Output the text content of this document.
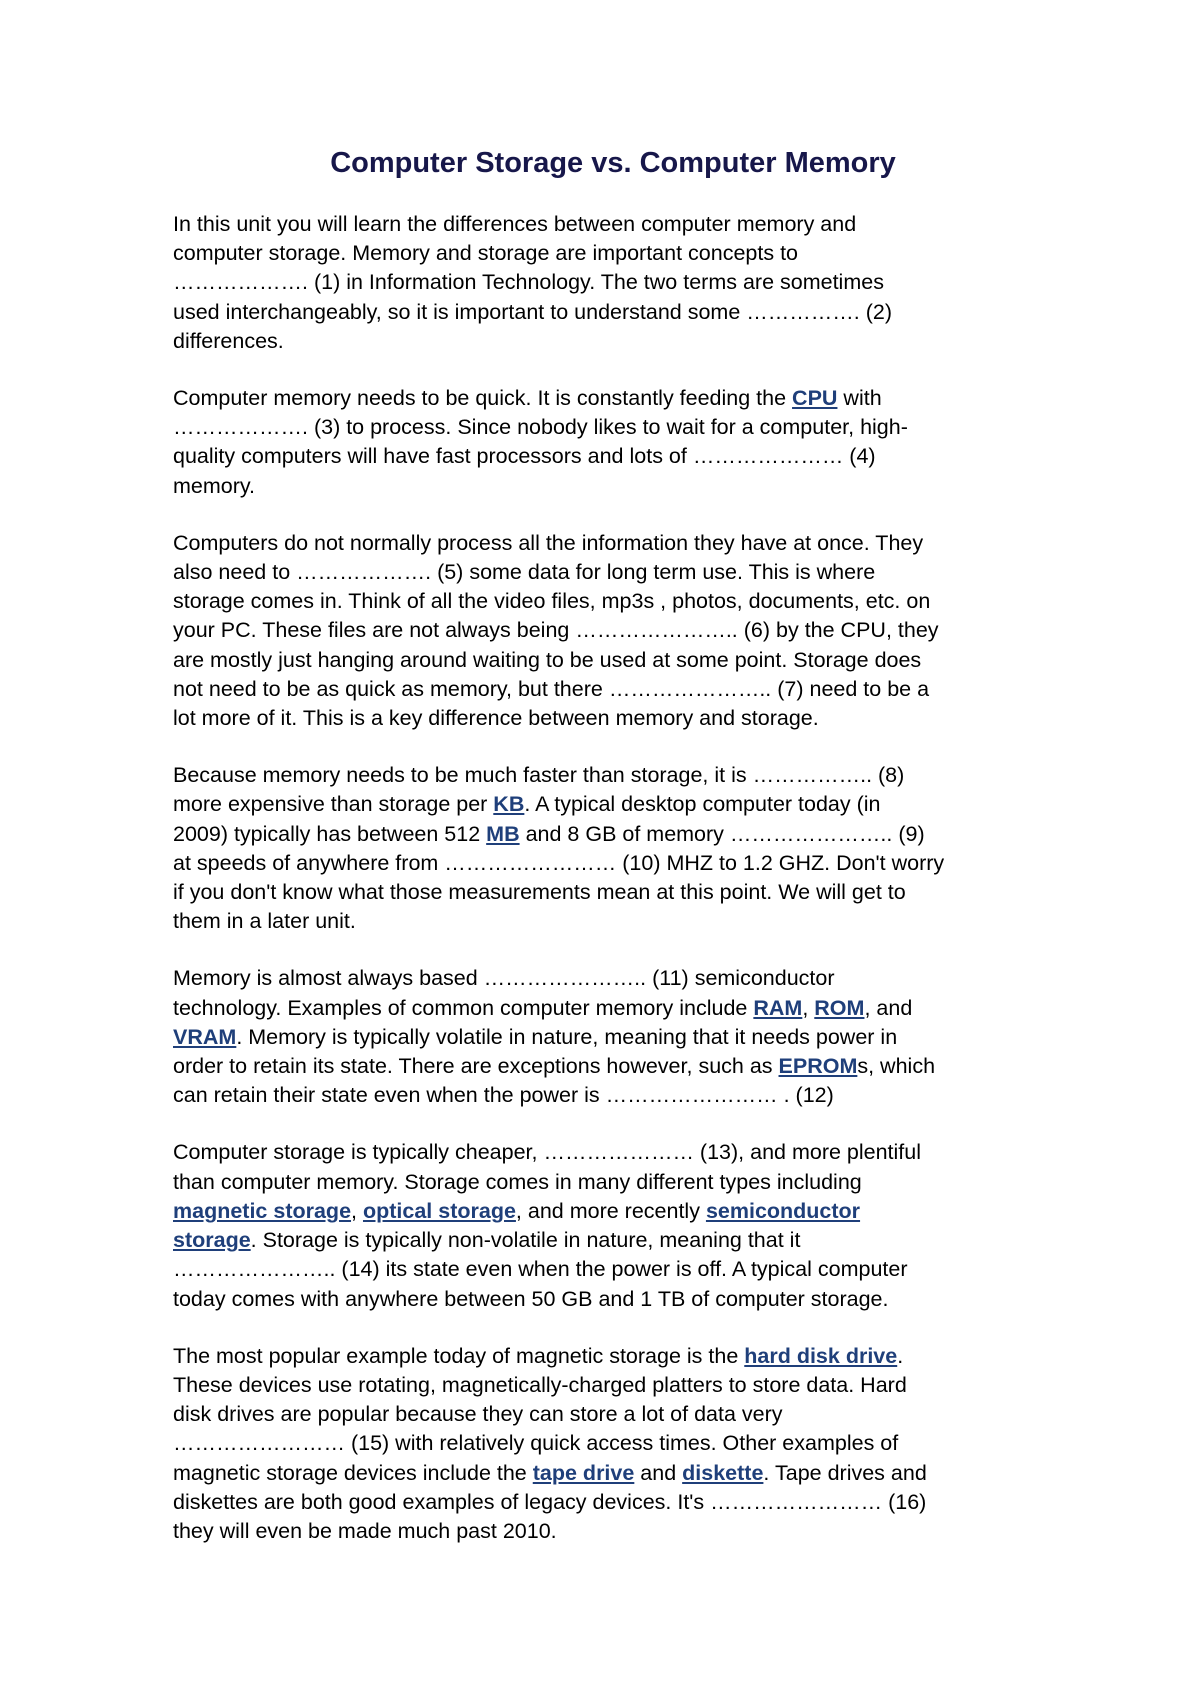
Computer Storage vs. Computer Memory
In this unit you will learn the differences between computer memory and
computer storage. Memory and storage are important concepts to
………………. (1) in Information Technology. The two terms are sometimes
used interchangeably, so it is important to understand some ……………. (2)
differences.
Computer memory needs to be quick. It is constantly feeding the CPU with
………………. (3) to process. Since nobody likes to wait for a computer, high-
quality computers will have fast processors and lots of ………………… (4)
memory.
Computers do not normally process all the information they have at once. They
also need to ………………. (5) some data for long term use. This is where
storage comes in. Think of all the video files, mp3s , photos, documents, etc. on
your PC. These files are not always being ………………….. (6) by the CPU, they
are mostly just hanging around waiting to be used at some point. Storage does
not need to be as quick as memory, but there ………………….. (7) need to be a
lot more of it. This is a key difference between memory and storage.
Because memory needs to be much faster than storage, it is …………….. (8)
more expensive than storage per KB. A typical desktop computer today (in
2009) typically has between 512 MB and 8 GB of memory ………………….. (9)
at speeds of anywhere from …………………… (10) MHZ to 1.2 GHZ. Don't worry
if you don't know what those measurements mean at this point. We will get to
them in a later unit.
Memory is almost always based ………………….. (11) semiconductor
technology. Examples of common computer memory include RAM, ROM, and
VRAM. Memory is typically volatile in nature, meaning that it needs power in
order to retain its state. There are exceptions however, such as EPROMs, which
can retain their state even when the power is …………………… . (12)
Computer storage is typically cheaper, ………………… (13), and more plentiful
than computer memory. Storage comes in many different types including
magnetic storage, optical storage, and more recently semiconductor
storage. Storage is typically non-volatile in nature, meaning that it
………………….. (14) its state even when the power is off. A typical computer
today comes with anywhere between 50 GB and 1 TB of computer storage.
The most popular example today of magnetic storage is the hard disk drive.
These devices use rotating, magnetically-charged platters to store data. Hard
disk drives are popular because they can store a lot of data very
…………………… (15) with relatively quick access times. Other examples of
magnetic storage devices include the tape drive and diskette. Tape drives and
diskettes are both good examples of legacy devices. It's …………………… (16)
they will even be made much past 2010.
